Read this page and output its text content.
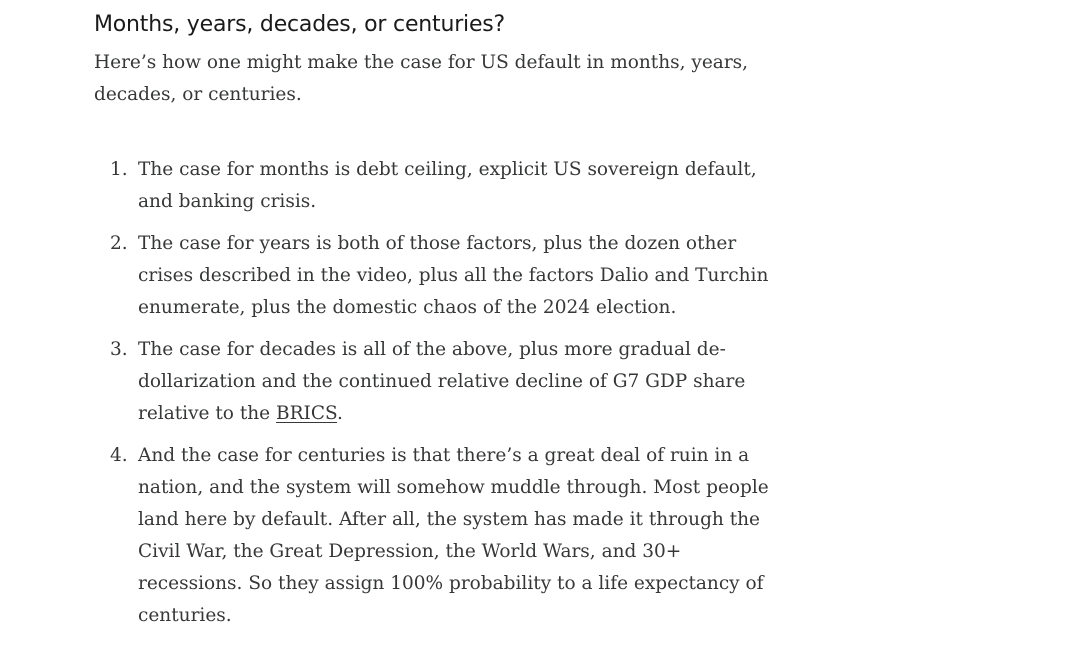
Months, years, decades, or centuries?

Here’s how one might make the case for US default in months, years, decades, or centuries.

1. The case for months is debt ceiling, explicit US sovereign default, and banking crisis.
2. The case for years is both of those factors, plus the dozen other crises described in the video, plus all the factors Dalio and Turchin enumerate, plus the domestic chaos of the 2024 election.
3. The case for decades is all of the above, plus more gradual de-dollarization and the continued relative decline of G7 GDP share relative to the BRICS.
4. And the case for centuries is that there’s a great deal of ruin in a nation, and the system will somehow muddle through. Most people land here by default. After all, the system has made it through the Civil War, the Great Depression, the World Wars, and 30+ recessions. So they assign 100% probability to a life expectancy of centuries.
